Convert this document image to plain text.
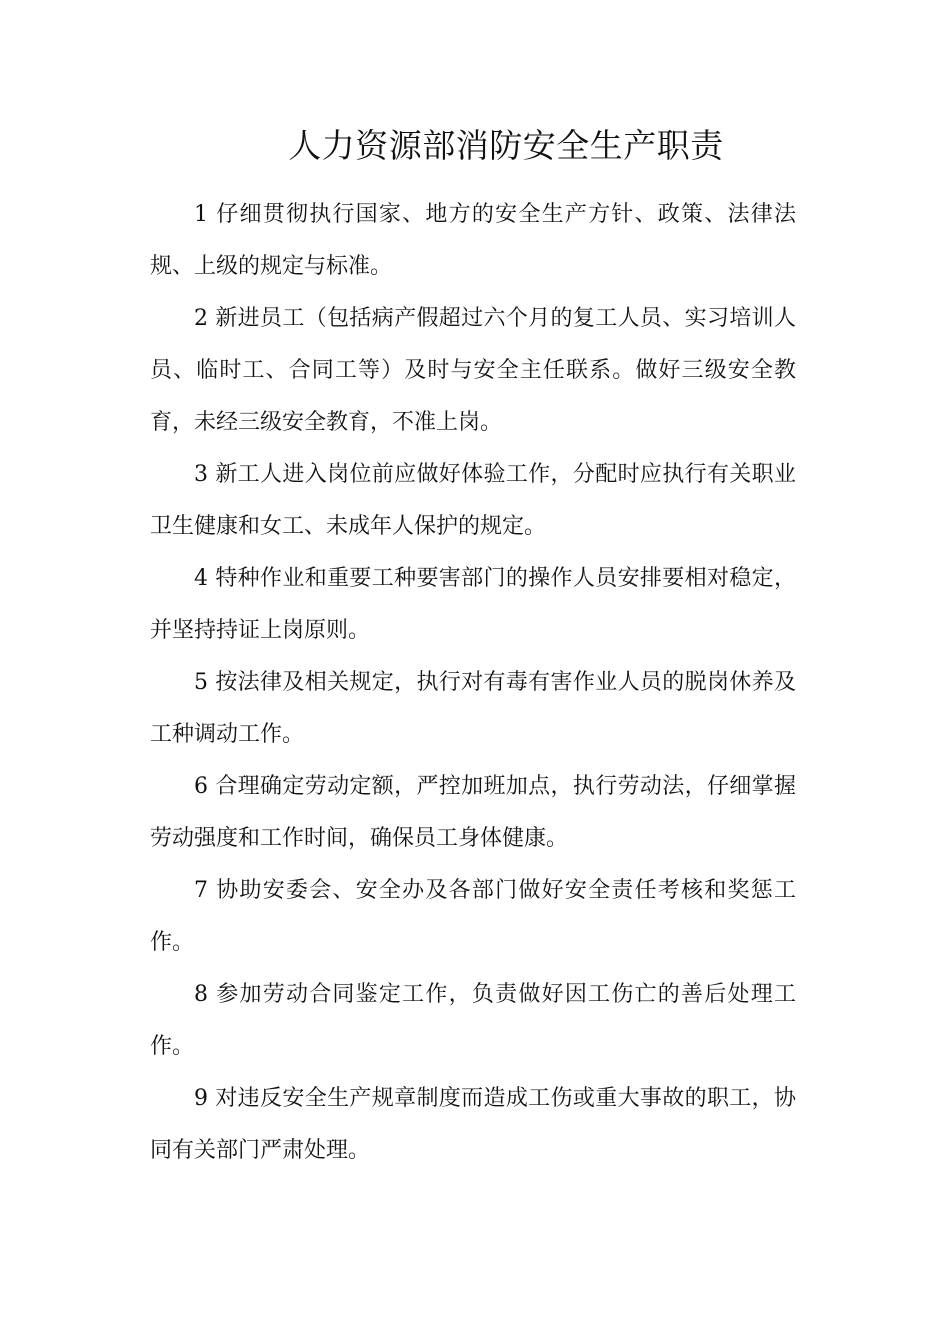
人力资源部消防安全生产职责

1 仔细贯彻执行国家、地方的安全生产方针、政策、法律法规、上级的规定与标准。

2 新进员工（包括病产假超过六个月的复工人员、实习培训人员、临时工、合同工等）及时与安全主任联系。做好三级安全教育，未经三级安全教育，不准上岗。

3 新工人进入岗位前应做好体验工作，分配时应执行有关职业卫生健康和女工、未成年人保护的规定。

4 特种作业和重要工种要害部门的操作人员安排要相对稳定，并坚持持证上岗原则。

5 按法律及相关规定，执行对有毒有害作业人员的脱岗休养及工种调动工作。

6 合理确定劳动定额，严控加班加点，执行劳动法，仔细掌握劳动强度和工作时间，确保员工身体健康。

7 协助安委会、安全办及各部门做好安全责任考核和奖惩工作。

8 参加劳动合同鉴定工作，负责做好因工伤亡的善后处理工作。

9 对违反安全生产规章制度而造成工伤或重大事故的职工，协同有关部门严肃处理。
